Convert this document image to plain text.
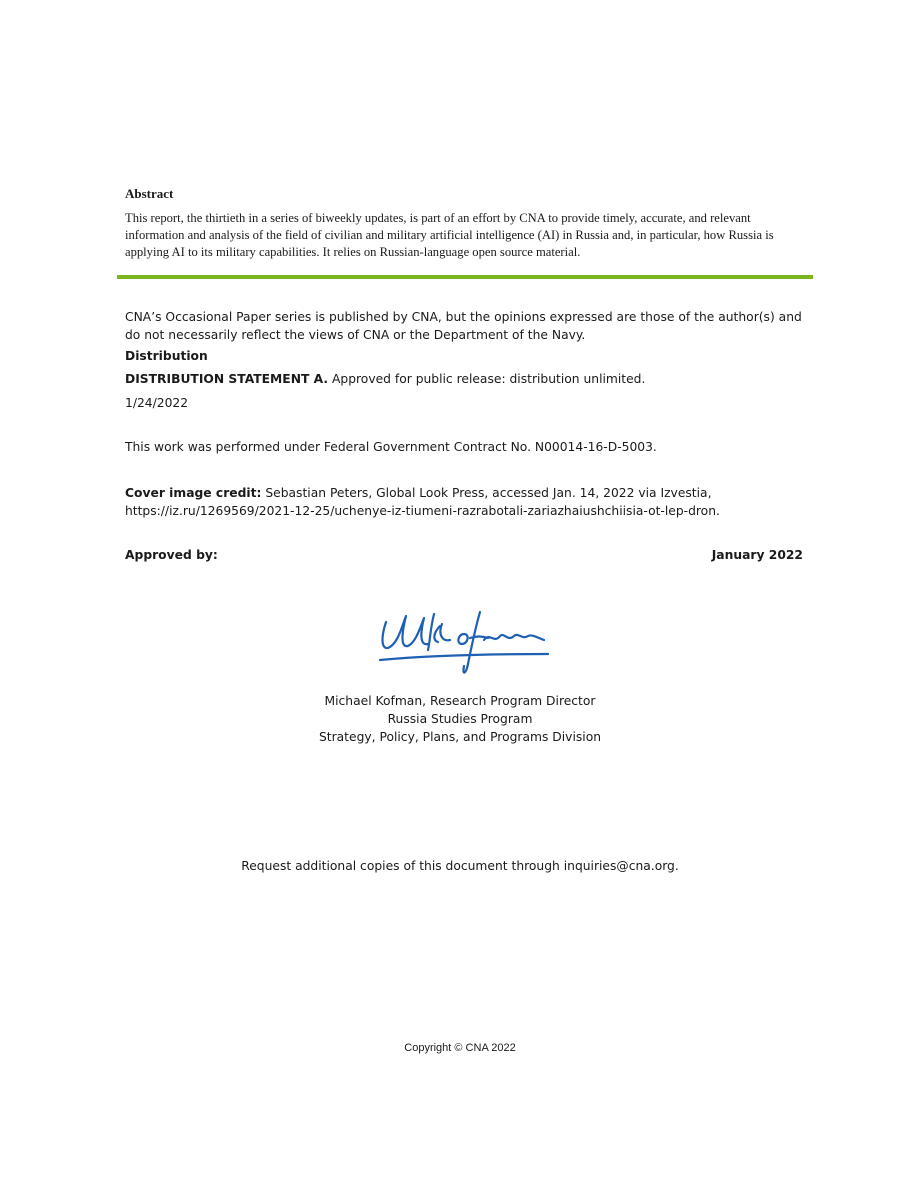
Abstract
This report, the thirtieth in a series of biweekly updates, is part of an effort by CNA to provide timely, accurate, and relevant information and analysis of the field of civilian and military artificial intelligence (AI) in Russia and, in particular, how Russia is applying AI to its military capabilities. It relies on Russian-language open source material.
CNA’s Occasional Paper series is published by CNA, but the opinions expressed are those of the author(s) and do not necessarily reflect the views of CNA or the Department of the Navy.
Distribution
DISTRIBUTION STATEMENT A. Approved for public release: distribution unlimited.
1/24/2022
This work was performed under Federal Government Contract No. N00014-16-D-5003.
Cover image credit: Sebastian Peters, Global Look Press, accessed Jan. 14, 2022 via Izvestia, https://iz.ru/1269569/2021-12-25/uchenye-iz-tiumeni-razrabotali-zariazhaiushchiisia-ot-lep-dron.
Approved by:	January 2022
Michael Kofman, Research Program Director
Russia Studies Program
Strategy, Policy, Plans, and Programs Division
Request additional copies of this document through inquiries@cna.org.
Copyright © CNA 2022
